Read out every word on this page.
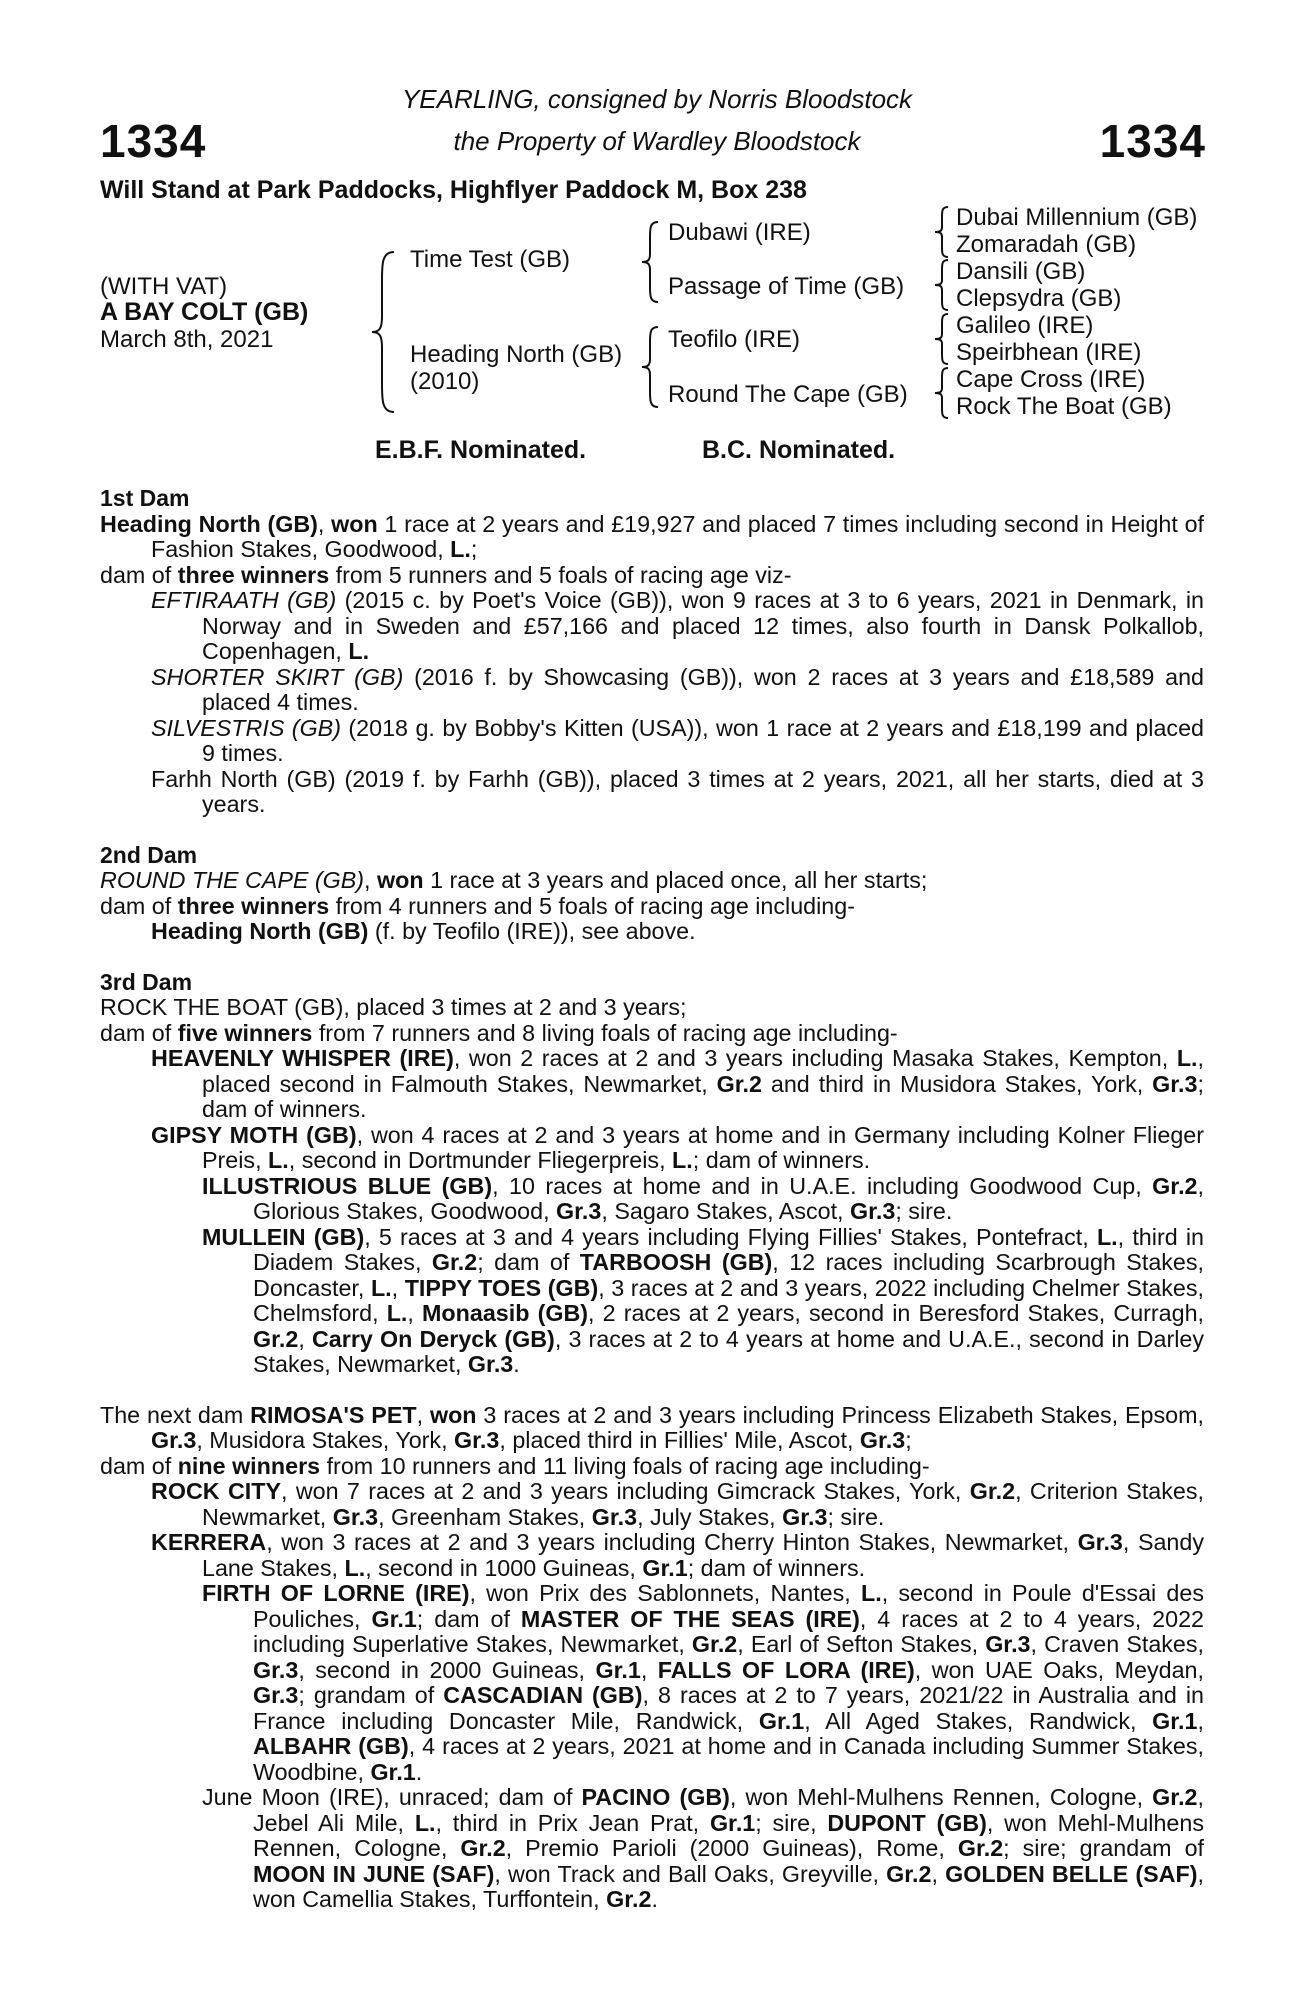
1334	1334
YEARLING, consigned by Norris Bloodstock
the Property of Wardley Bloodstock
Will Stand at Park Paddocks, Highflyer Paddock M, Box 238
(WITH VAT)
A BAY COLT (GB)
March 8th, 2021
Time Test (GB)
Heading North (GB)
(2010)
Dubawi (IRE)
Passage of Time (GB)
Teofilo (IRE)
Round The Cape (GB)
Dubai Millennium (GB)
Zomaradah (GB)
Dansili (GB)
Clepsydra (GB)
Galileo (IRE)
Speirbhean (IRE)
Cape Cross (IRE)
Rock The Boat (GB)
E.B.F. Nominated.	B.C. Nominated.

1st Dam

Heading North (GB), won 1 race at 2 years and £19,927 and placed 7 times including second in Height of Fashion Stakes, Goodwood, L.;

dam of three winners from 5 runners and 5 foals of racing age viz-

EFTIRAATH (GB) (2015 c. by Poet's Voice (GB)), won 9 races at 3 to 6 years, 2021 in Denmark, in Norway and in Sweden and £57,166 and placed 12 times, also fourth in Dansk Polkallob, Copenhagen, L.

SHORTER SKIRT (GB) (2016 f. by Showcasing (GB)), won 2 races at 3 years and £18,589 and placed 4 times.

SILVESTRIS (GB) (2018 g. by Bobby's Kitten (USA)), won 1 race at 2 years and £18,199 and placed 9 times.

Farhh North (GB) (2019 f. by Farhh (GB)), placed 3 times at 2 years, 2021, all her starts, died at 3 years.

2nd Dam

ROUND THE CAPE (GB), won 1 race at 3 years and placed once, all her starts;

dam of three winners from 4 runners and 5 foals of racing age including-

Heading North (GB) (f. by Teofilo (IRE)), see above.

3rd Dam

ROCK THE BOAT (GB), placed 3 times at 2 and 3 years;

dam of five winners from 7 runners and 8 living foals of racing age including-

HEAVENLY WHISPER (IRE), won 2 races at 2 and 3 years including Masaka Stakes, Kempton, L., placed second in Falmouth Stakes, Newmarket, Gr.2 and third in Musidora Stakes, York, Gr.3; dam of winners.

GIPSY MOTH (GB), won 4 races at 2 and 3 years at home and in Germany including Kolner Flieger Preis, L., second in Dortmunder Fliegerpreis, L.; dam of winners.

ILLUSTRIOUS BLUE (GB), 10 races at home and in U.A.E. including Goodwood Cup, Gr.2, Glorious Stakes, Goodwood, Gr.3, Sagaro Stakes, Ascot, Gr.3; sire.

MULLEIN (GB), 5 races at 3 and 4 years including Flying Fillies' Stakes, Pontefract, L., third in Diadem Stakes, Gr.2; dam of TARBOOSH (GB), 12 races including Scarbrough Stakes, Doncaster, L., TIPPY TOES (GB), 3 races at 2 and 3 years, 2022 including Chelmer Stakes, Chelmsford, L., Monaasib (GB), 2 races at 2 years, second in Beresford Stakes, Curragh, Gr.2, Carry On Deryck (GB), 3 races at 2 to 4 years at home and U.A.E., second in Darley Stakes, Newmarket, Gr.3.

The next dam RIMOSA'S PET, won 3 races at 2 and 3 years including Princess Elizabeth Stakes, Epsom, Gr.3, Musidora Stakes, York, Gr.3, placed third in Fillies' Mile, Ascot, Gr.3;

dam of nine winners from 10 runners and 11 living foals of racing age including-

ROCK CITY, won 7 races at 2 and 3 years including Gimcrack Stakes, York, Gr.2, Criterion Stakes, Newmarket, Gr.3, Greenham Stakes, Gr.3, July Stakes, Gr.3; sire.

KERRERA, won 3 races at 2 and 3 years including Cherry Hinton Stakes, Newmarket, Gr.3, Sandy Lane Stakes, L., second in 1000 Guineas, Gr.1; dam of winners.

FIRTH OF LORNE (IRE), won Prix des Sablonnets, Nantes, L., second in Poule d'Essai des Pouliches, Gr.1; dam of MASTER OF THE SEAS (IRE), 4 races at 2 to 4 years, 2022 including Superlative Stakes, Newmarket, Gr.2, Earl of Sefton Stakes, Gr.3, Craven Stakes, Gr.3, second in 2000 Guineas, Gr.1, FALLS OF LORA (IRE), won UAE Oaks, Meydan, Gr.3; grandam of CASCADIAN (GB), 8 races at 2 to 7 years, 2021/22 in Australia and in France including Doncaster Mile, Randwick, Gr.1, All Aged Stakes, Randwick, Gr.1, ALBAHR (GB), 4 races at 2 years, 2021 at home and in Canada including Summer Stakes, Woodbine, Gr.1.

June Moon (IRE), unraced; dam of PACINO (GB), won Mehl-Mulhens Rennen, Cologne, Gr.2, Jebel Ali Mile, L., third in Prix Jean Prat, Gr.1; sire, DUPONT (GB), won Mehl-Mulhens Rennen, Cologne, Gr.2, Premio Parioli (2000 Guineas), Rome, Gr.2; sire; grandam of MOON IN JUNE (SAF), won Track and Ball Oaks, Greyville, Gr.2, GOLDEN BELLE (SAF), won Camellia Stakes, Turffontein, Gr.2.
